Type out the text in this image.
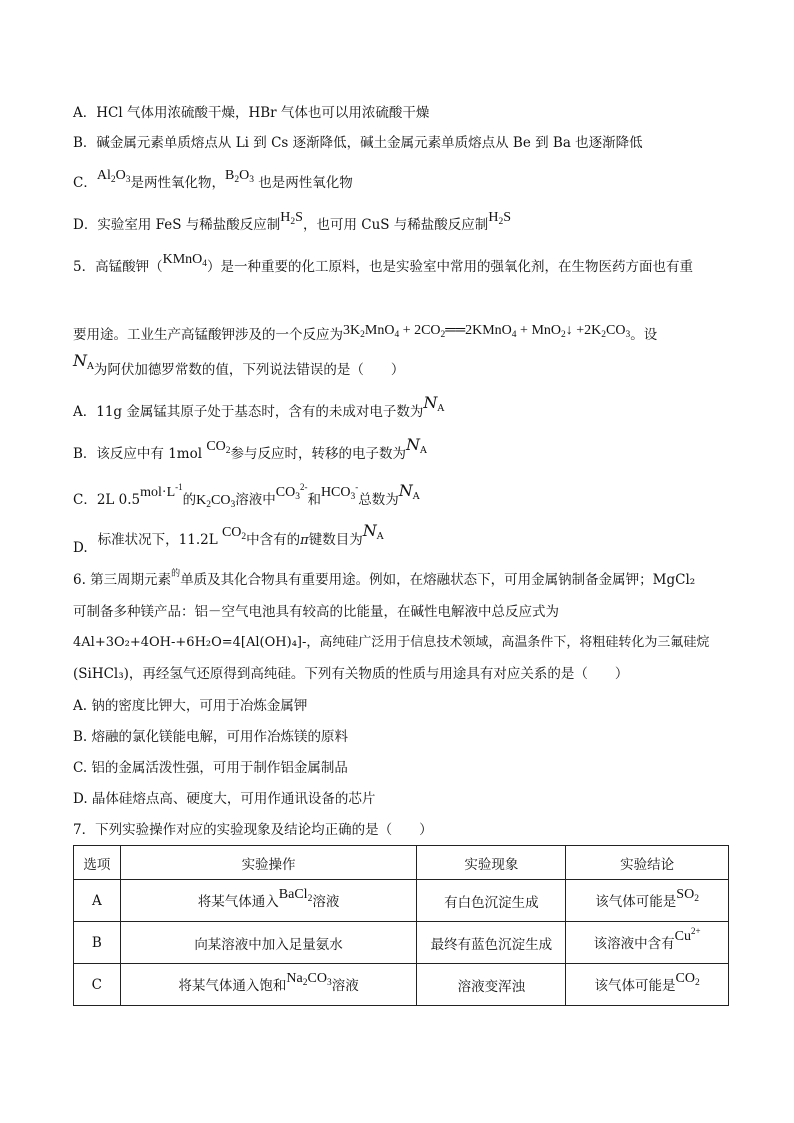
A．HCl 气体用浓硫酸干燥，HBr 气体也可以用浓硫酸干燥
B．碱金属元素单质熔点从 Li 到 Cs 逐渐降低，碱土金属元素单质熔点从 Be 到 Ba 也逐渐降低
C．$Al_2O_3$是两性氧化物，$B_2O_3$ 也是两性氧化物
D．实验室用 FeS 与稀盐酸反应制$H_2S$，也可用 CuS 与稀盐酸反应制$H_2S$
5．高锰酸钾（KMnO$_4$）是一种重要的化工原料，也是实验室中常用的强氧化剂，在生物医药方面也有重
要用途。工业生产高锰酸钾涉及的一个反应为$3K_2MnO_4$ + $2CO_2══2KMnO_4$ + MnO$_2$↓ $+2K_2CO_3$。设
$N_A$为阿伏加德罗常数的值，下列说法错误的是（　　）
A．11g 金属锰其原子处于基态时，含有的未成对电子数为$N_A$
B．该反应中有 1mol $CO_2$参与反应时，转移的电子数为$N_A$
C．2L $0.5mol\cdot L^{-1}$的$K_2CO_3$溶液中$CO_3^{2-}$和$HCO_3^-$总数为$N_A$
D. 标准状况下，11.2L $CO_2$中含有的π键数目为$N_A$
6. 第三周期元素$^的$单质及其化合物具有重要用途。例如，在熔融状态下，可用金属钠制备金属钾；MgCl₂
可制备多种镁产品：铝－空气电池具有较高的比能量，在碱性电解液中总反应式为
4Al+3O₂+4OH-+6H₂O=4[Al(OH)₄]-，高纯硅广泛用于信息技术领域，高温条件下，将粗硅转化为三氟硅烷
(SiHCl₃)，再经氢气还原得到高纯硅。下列有关物质的性质与用途具有对应关系的是（　　）
A. 钠的密度比钾大，可用于冶炼金属钾
B. 熔融的氯化镁能电解，可用作冶炼镁的原料
C. 铝的金属活泼性强，可用于制作铝金属制品
D. 晶体硅熔点高、硬度大，可用作通讯设备的芯片
7．下列实验操作对应的实验现象及结论均正确的是（　　）
选项	实验操作	实验现象	实验结论
A	将某气体通入BaCl$_2$溶液	有白色沉淀生成	该气体可能是$SO_2$
B	向某溶液中加入足量氨水	最终有蓝色沉淀生成	该溶液中含有$Cu^{2+}$
C	将某气体通入饱和$Na_2CO_3$溶液	溶液变浑浊	该气体可能是$CO_2$
